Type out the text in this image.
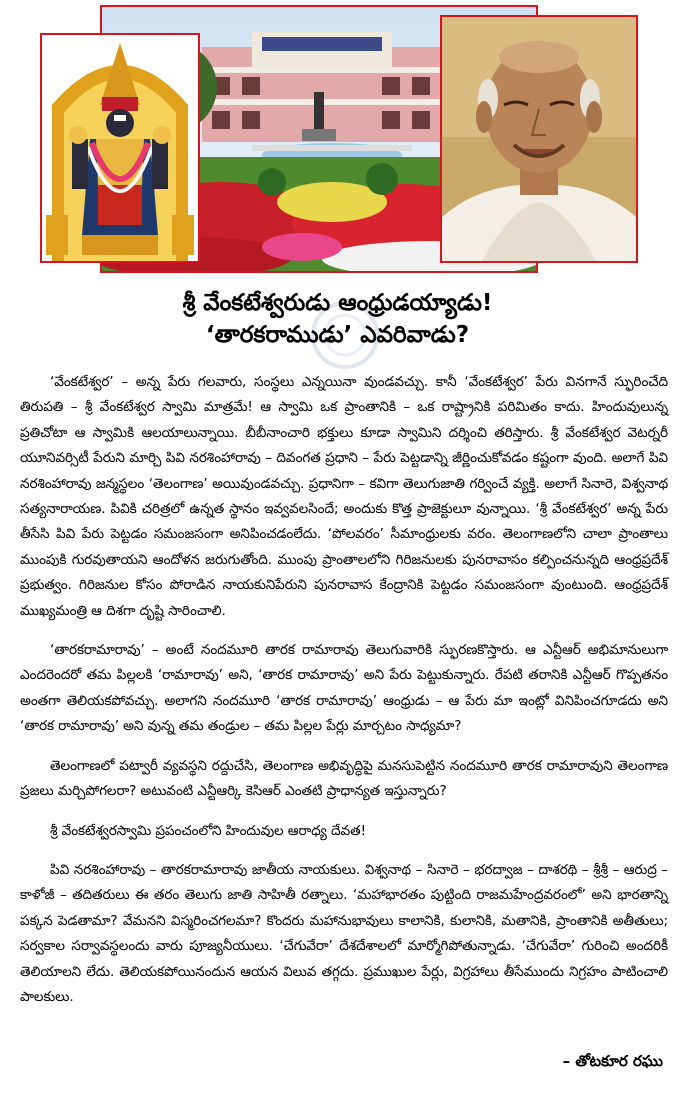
శ్రీ వేంకటేశ్వరుడు ఆంధ్రుడయ్యాడు!
‘తారకరాముడు’ ఎవరివాడు?

‘వేంకటేశ్వర’ – అన్న పేరు గలవారు, సంస్థలు ఎన్నయినా వుండవచ్చు. కానీ ‘వేంకటేశ్వర’ పేరు వినగానే స్ఫురించేది తిరుపతి – శ్రీ వేంకటేశ్వర స్వామి మాత్రమే! ఆ స్వామి ఒక ప్రాంతానికి – ఒక రాష్ట్రానికి పరిమితం కాదు. హిందువులున్న ప్రతిచోటా ఆ స్వామికి ఆలయాలున్నాయి. బీబీనాంచారి భక్తులు కూడా స్వామిని దర్శించి తరిస్తారు. శ్రీ వేంకటేశ్వర వెటర్నరీ యూనివర్సిటీ పేరుని మార్చి పివి నరశింహారావు – దివంగత ప్రధాని – పేరు పెట్టడాన్ని జీర్ణించుకోవడం కష్టంగా వుంది. అలాగే పివి నరశింహారావు జన్మస్థలం ‘తెలంగాణ’ అయివుండవచ్చు. ప్రధానిగా – కవిగా తెలుగుజాతి గర్వించే వ్యక్తి. అలాగే సినారె, విశ్వనాథ సత్యనారాయణ. పివికి చరిత్రలో ఉన్నత స్థానం ఇవ్వవలసిందే; అందుకు కొత్త ప్రాజెక్టులూ వున్నాయి. ‘శ్రీ వేంకటేశ్వర’ అన్న పేరు తీసేసి పివి పేరు పెట్టడం సమంజసంగా అనిపించడంలేదు. ‘పోలవరం’ సీమాంధ్రులకు వరం. తెలంగాణలోని చాలా ప్రాంతాలు ముంపుకి గురవుతాయని ఆందోళన జరుగుతోంది. ముంపు ప్రాంతాలలోని గిరిజనులకు పునరావాసం కల్పించనున్నది ఆంధ్రప్రదేశ్ ప్రభుత్వం. గిరిజనుల కోసం పోరాడిన నాయకునిపేరుని పునరావాస కేంద్రానికి పెట్టడం సమంజసంగా వుంటుంది. ఆంధ్రప్రదేశ్ ముఖ్యమంత్రి ఆ దిశగా దృష్టి సారించాలి.

‘తారకరామారావు’ – అంటే నందమూరి తారక రామారావు తెలుగువారికి స్ఫురణకొస్తారు. ఆ ఎన్టీఆర్ అభిమానులుగా ఎందరెందరో తమ పిల్లలకి ‘రామారావు’ అని, ‘తారక రామారావు’ అని పేరు పెట్టుకున్నారు. రేపటి తరానికి ఎన్టీఆర్ గొప్పతనం అంతగా తెలియకపోవచ్చు. అలాగని నందమూరి ‘తారక రామారావు’ ఆంధ్రుడు – ఆ పేరు మా ఇంట్లో వినిపించగూడదు అని ‘తారక రామారావు’ అని వున్న తమ తండ్రుల – తమ పిల్లల పేర్లు మార్చటం సాధ్యమా?

తెలంగాణలో పట్వారీ వ్యవస్థని రద్దుచేసి, తెలంగాణ అభివృద్ధిపై మనసుపెట్టిన నందమూరి తారక రామారావుని తెలంగాణ ప్రజలు మర్చిపోగలరా? అటువంటి ఎన్టీఆర్కి కెసిఆర్ ఎంతటి ప్రాధాన్యత ఇస్తున్నారు?

శ్రీ వేంకటేశ్వరస్వామి ప్రపంచంలోని హిందువుల ఆరాధ్య దేవత!

పివి నరశింహారావు – తారకరామారావు జాతీయ నాయకులు. విశ్వనాథ – సినారె – భరద్వాజ – దాశరథి – శ్రీశ్రీ – ఆరుద్ర – కాళోజీ – తదితరులు ఈ తరం తెలుగు జాతి సాహితీ రత్నాలు. ‘మహాభారతం పుట్టింది రాజమహేంద్రవరంలో’ అని భారతాన్ని పక్కన పెడతామా? వేమనని విస్మరించగలమా? కొందరు మహానుభావులు కాలానికి, కులానికి, మతానికి, ప్రాంతానికి అతీతులు; సర్వకాల సర్వావస్థలందు వారు పూజ్యనీయులు. ‘చేగువేరా’ దేశదేశాలలో మార్మోగిపోతున్నాడు. ‘చేగువేరా’ గురించి అందరికీ తెలియాలని లేదు. తెలియకపోయినందున ఆయన విలువ తగ్గదు. ప్రముఖుల పేర్లు, విగ్రహాలు తీసేముందు నిగ్రహం పాటించాలి పాలకులు.

– తోటకూర రఘు
